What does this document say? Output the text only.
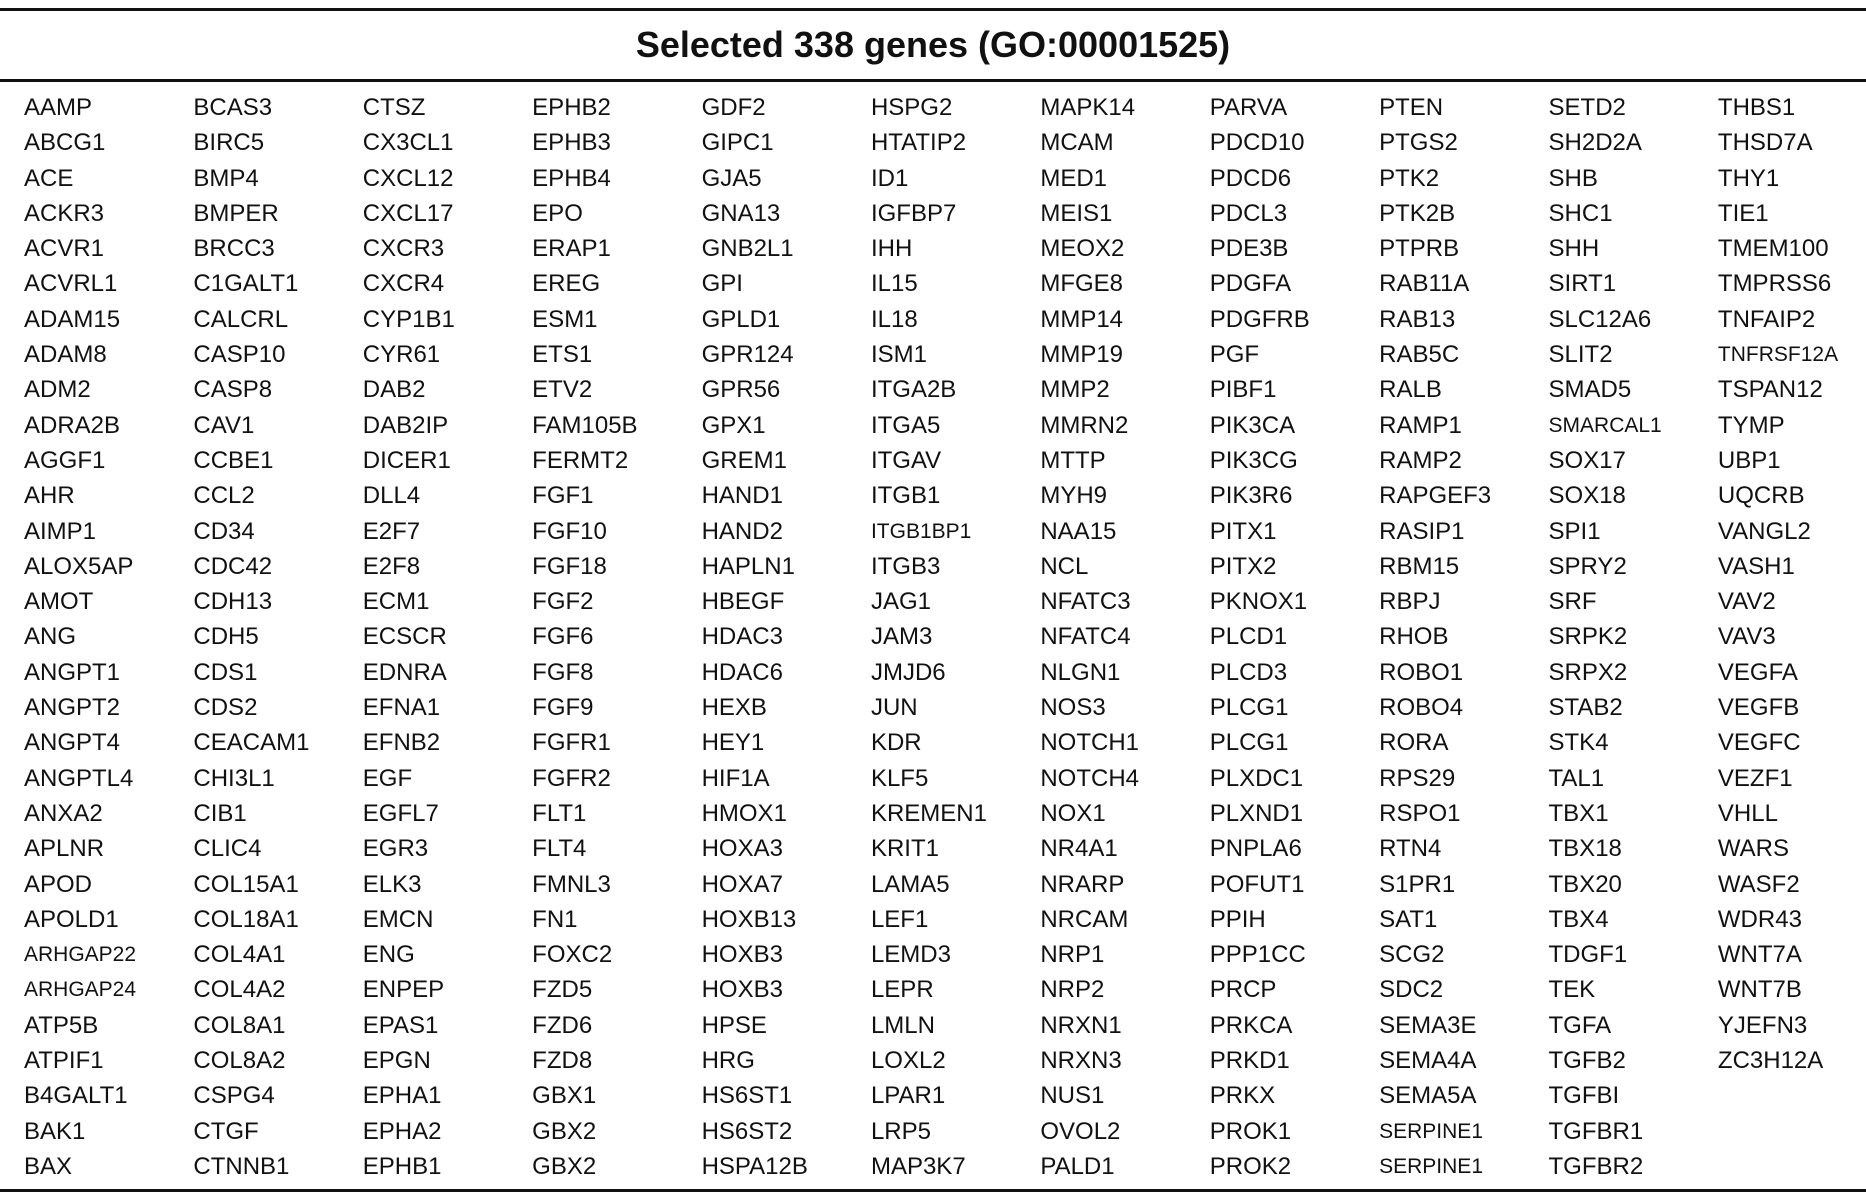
Selected 338 genes (GO:00001525)
AAMP
ABCG1
ACE
ACKR3
ACVR1
ACVRL1
ADAM15
ADAM8
ADM2
ADRA2B
AGGF1
AHR
AIMP1
ALOX5AP
AMOT
ANG
ANGPT1
ANGPT2
ANGPT4
ANGPTL4
ANXA2
APLNR
APOD
APOLD1
ARHGAP22
ARHGAP24
ATP5B
ATPIF1
B4GALT1
BAK1
BAX
BCAS3
BIRC5
BMP4
BMPER
BRCC3
C1GALT1
CALCRL
CASP10
CASP8
CAV1
CCBE1
CCL2
CD34
CDC42
CDH13
CDH5
CDS1
CDS2
CEACAM1
CHI3L1
CIB1
CLIC4
COL15A1
COL18A1
COL4A1
COL4A2
COL8A1
COL8A2
CSPG4
CTGF
CTNNB1
CTSZ
CX3CL1
CXCL12
CXCL17
CXCR3
CXCR4
CYP1B1
CYR61
DAB2
DAB2IP
DICER1
DLL4
E2F7
E2F8
ECM1
ECSCR
EDNRA
EFNA1
EFNB2
EGF
EGFL7
EGR3
ELK3
EMCN
ENG
ENPEP
EPAS1
EPGN
EPHA1
EPHA2
EPHB1
EPHB2
EPHB3
EPHB4
EPO
ERAP1
EREG
ESM1
ETS1
ETV2
FAM105B
FERMT2
FGF1
FGF10
FGF18
FGF2
FGF6
FGF8
FGF9
FGFR1
FGFR2
FLT1
FLT4
FMNL3
FN1
FOXC2
FZD5
FZD6
FZD8
GBX1
GBX2
GBX2
GDF2
GIPC1
GJA5
GNA13
GNB2L1
GPI
GPLD1
GPR124
GPR56
GPX1
GREM1
HAND1
HAND2
HAPLN1
HBEGF
HDAC3
HDAC6
HEXB
HEY1
HIF1A
HMOX1
HOXA3
HOXA7
HOXB13
HOXB3
HOXB3
HPSE
HRG
HS6ST1
HS6ST2
HSPA12B
HSPG2
HTATIP2
ID1
IGFBP7
IHH
IL15
IL18
ISM1
ITGA2B
ITGA5
ITGAV
ITGB1
ITGB1BP1
ITGB3
JAG1
JAM3
JMJD6
JUN
KDR
KLF5
KREMEN1
KRIT1
LAMA5
LEF1
LEMD3
LEPR
LMLN
LOXL2
LPAR1
LRP5
MAP3K7
MAPK14
MCAM
MED1
MEIS1
MEOX2
MFGE8
MMP14
MMP19
MMP2
MMRN2
MTTP
MYH9
NAA15
NCL
NFATC3
NFATC4
NLGN1
NOS3
NOTCH1
NOTCH4
NOX1
NR4A1
NRARP
NRCAM
NRP1
NRP2
NRXN1
NRXN3
NUS1
OVOL2
PALD1
PARVA
PDCD10
PDCD6
PDCL3
PDE3B
PDGFA
PDGFRB
PGF
PIBF1
PIK3CA
PIK3CG
PIK3R6
PITX1
PITX2
PKNOX1
PLCD1
PLCD3
PLCG1
PLCG1
PLXDC1
PLXND1
PNPLA6
POFUT1
PPIH
PPP1CC
PRCP
PRKCA
PRKD1
PRKX
PROK1
PROK2
PTEN
PTGS2
PTK2
PTK2B
PTPRB
RAB11A
RAB13
RAB5C
RALB
RAMP1
RAMP2
RAPGEF3
RASIP1
RBM15
RBPJ
RHOB
ROBO1
ROBO4
RORA
RPS29
RSPO1
RTN4
S1PR1
SAT1
SCG2
SDC2
SEMA3E
SEMA4A
SEMA5A
SERPINE1
SERPINE1
SETD2
SH2D2A
SHB
SHC1
SHH
SIRT1
SLC12A6
SLIT2
SMAD5
SMARCAL1
SOX17
SOX18
SPI1
SPRY2
SRF
SRPK2
SRPX2
STAB2
STK4
TAL1
TBX1
TBX18
TBX20
TBX4
TDGF1
TEK
TGFA
TGFB2
TGFBI
TGFBR1
TGFBR2
THBS1
THSD7A
THY1
TIE1
TMEM100
TMPRSS6
TNFAIP2
TNFRSF12A
TSPAN12
TYMP
UBP1
UQCRB
VANGL2
VASH1
VAV2
VAV3
VEGFA
VEGFB
VEGFC
VEZF1
VHLL
WARS
WASF2
WDR43
WNT7A
WNT7B
YJEFN3
ZC3H12A
